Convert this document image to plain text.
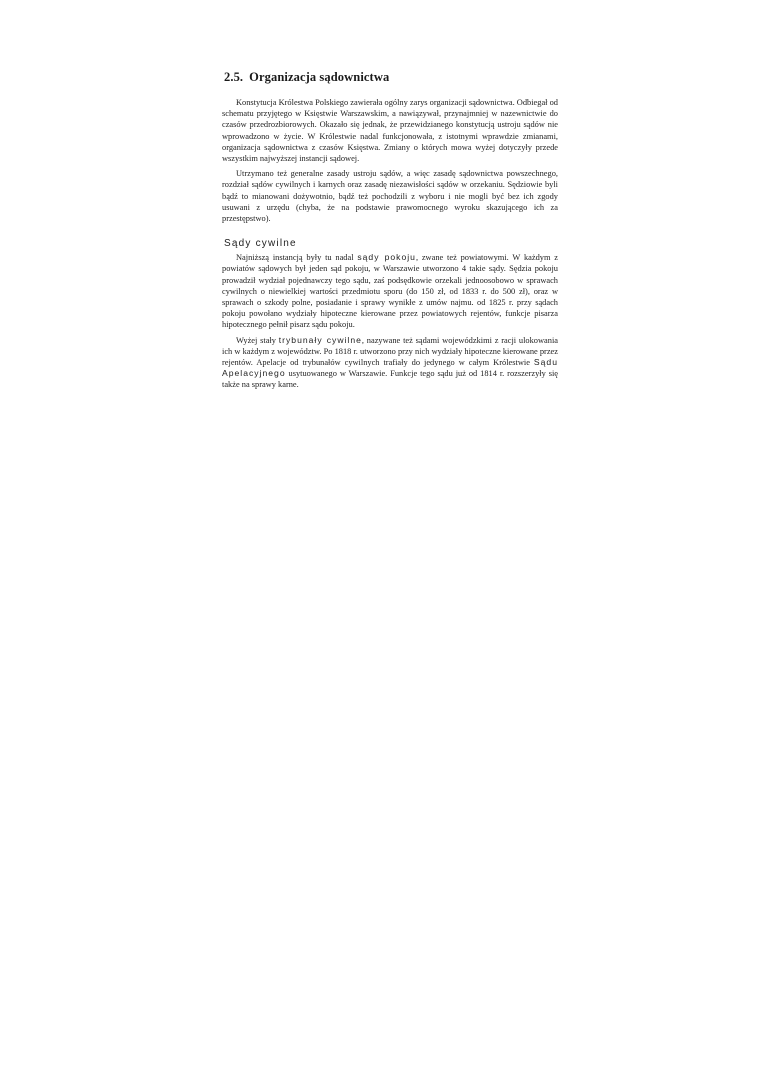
2.5. Organizacja sądownictwa

Konstytucja Królestwa Polskiego zawierała ogólny zarys organizacji sądownictwa. Odbiegał od schematu przyjętego w Księstwie Warszawskim, a nawiązywał, przynajmniej w nazewnictwie do czasów przedrozbiorowych. Okazało się jednak, że przewidzianego konstytucją ustroju sądów nie wprowadzono w życie. W Królestwie nadal funkcjonowała, z istotnymi wprawdzie zmianami, organizacja sądownictwa z czasów Księstwa. Zmiany o których mowa wyżej dotyczyły przede wszystkim najwyższej instancji sądowej.

Utrzymano też generalne zasady ustroju sądów, a więc zasadę sądownictwa powszechnego, rozdział sądów cywilnych i karnych oraz zasadę niezawisłości sądów w orzekaniu. Sędziowie byli bądź to mianowani dożywotnio, bądź też pochodzili z wyboru i nie mogli być bez ich zgody usuwani z urzędu (chyba, że na podstawie prawomocnego wyroku skazującego ich za przestępstwo).

Sądy cywilne

Najniższą instancją były tu nadal sądy pokoju, zwane też powiatowymi. W każdym z powiatów sądowych był jeden sąd pokoju, w Warszawie utworzono 4 takie sądy. Sędzia pokoju prowadził wydział pojednawczy tego sądu, zaś podsędkowie orzekali jednoosobowo w sprawach cywilnych o niewielkiej wartości przedmiotu sporu (do 150 zł, od 1833 r. do 500 zł), oraz w sprawach o szkody polne, posiadanie i sprawy wynikłe z umów najmu. od 1825 r. przy sądach pokoju powołano wydziały hipoteczne kierowane przez powiatowych rejentów, funkcje pisarza hipotecznego pełnił pisarz sądu pokoju.

Wyżej stały trybunały cywilne, nazywane też sądami wojewódzkimi z racji ulokowania ich w każdym z województw. Po 1818 r. utworzono przy nich wydziały hipoteczne kierowane przez rejentów. Apelacje od trybunałów cywilnych trafiały do jedynego w całym Królestwie Sądu Apelacyjnego usytuowanego w Warszawie. Funkcje tego sądu już od 1814 r. rozszerzyły się także na sprawy karne.
